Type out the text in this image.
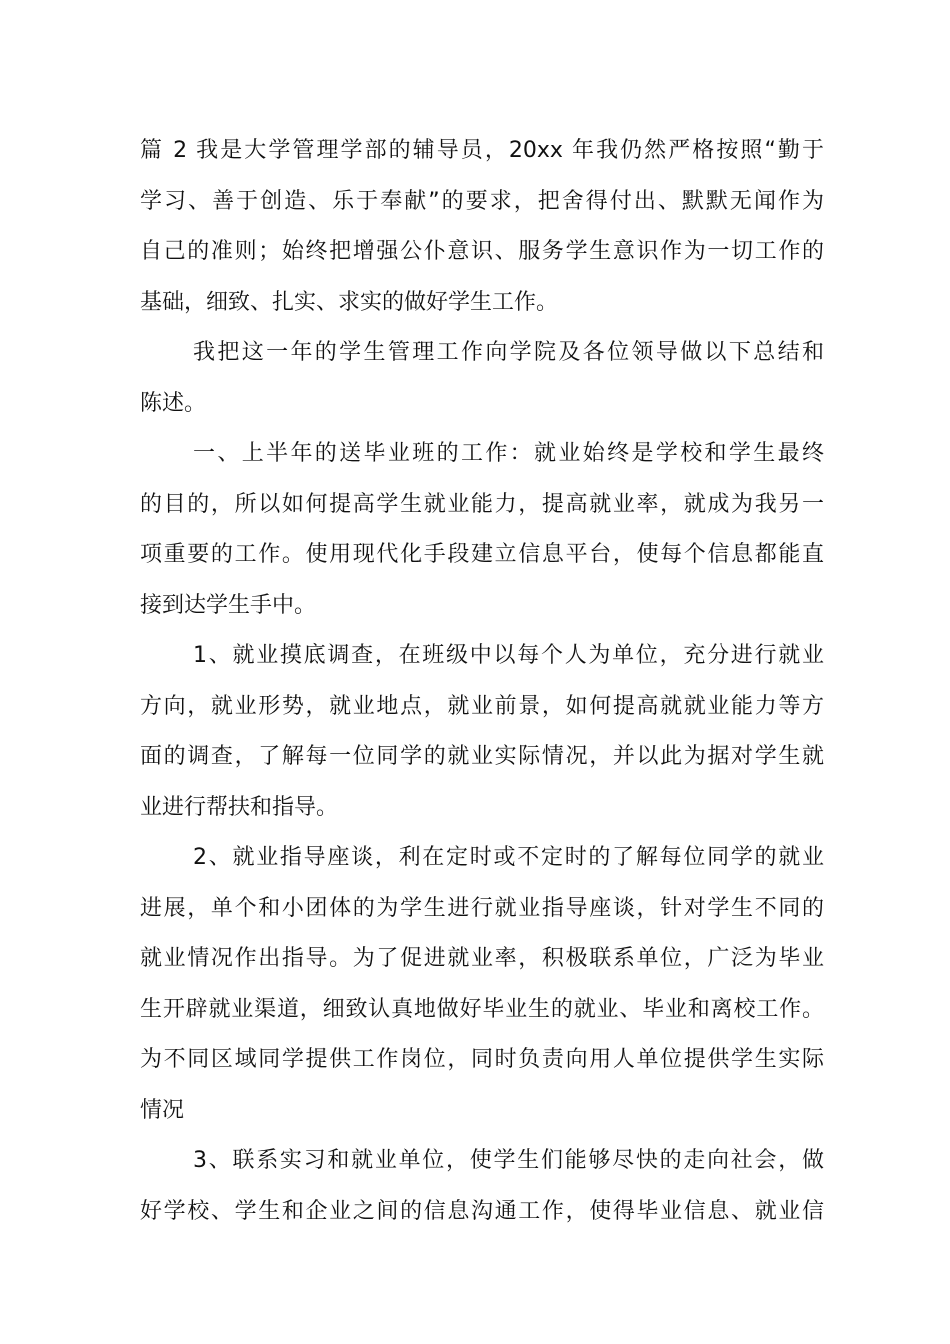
篇 2 我是大学管理学部的辅导员，20xx 年我仍然严格按照“勤于
学习、善于创造、乐于奉献”的要求，把舍得付出、默默无闻作为
自己的准则；始终把增强公仆意识、服务学生意识作为一切工作的
基础，细致、扎实、求实的做好学生工作。
我把这一年的学生管理工作向学院及各位领导做以下总结和
陈述。
一、上半年的送毕业班的工作：就业始终是学校和学生最终
的目的，所以如何提高学生就业能力，提高就业率，就成为我另一
项重要的工作。使用现代化手段建立信息平台，使每个信息都能直
接到达学生手中。
1、就业摸底调查，在班级中以每个人为单位，充分进行就业
方向，就业形势，就业地点，就业前景，如何提高就就业能力等方
面的调查，了解每一位同学的就业实际情况，并以此为据对学生就
业进行帮扶和指导。
2、就业指导座谈，利在定时或不定时的了解每位同学的就业
进展，单个和小团体的为学生进行就业指导座谈，针对学生不同的
就业情况作出指导。为了促进就业率，积极联系单位，广泛为毕业
生开辟就业渠道，细致认真地做好毕业生的就业、毕业和离校工作。
为不同区域同学提供工作岗位，同时负责向用人单位提供学生实际
情况
3、联系实习和就业单位，使学生们能够尽快的走向社会，做
好学校、学生和企业之间的信息沟通工作，使得毕业信息、就业信
